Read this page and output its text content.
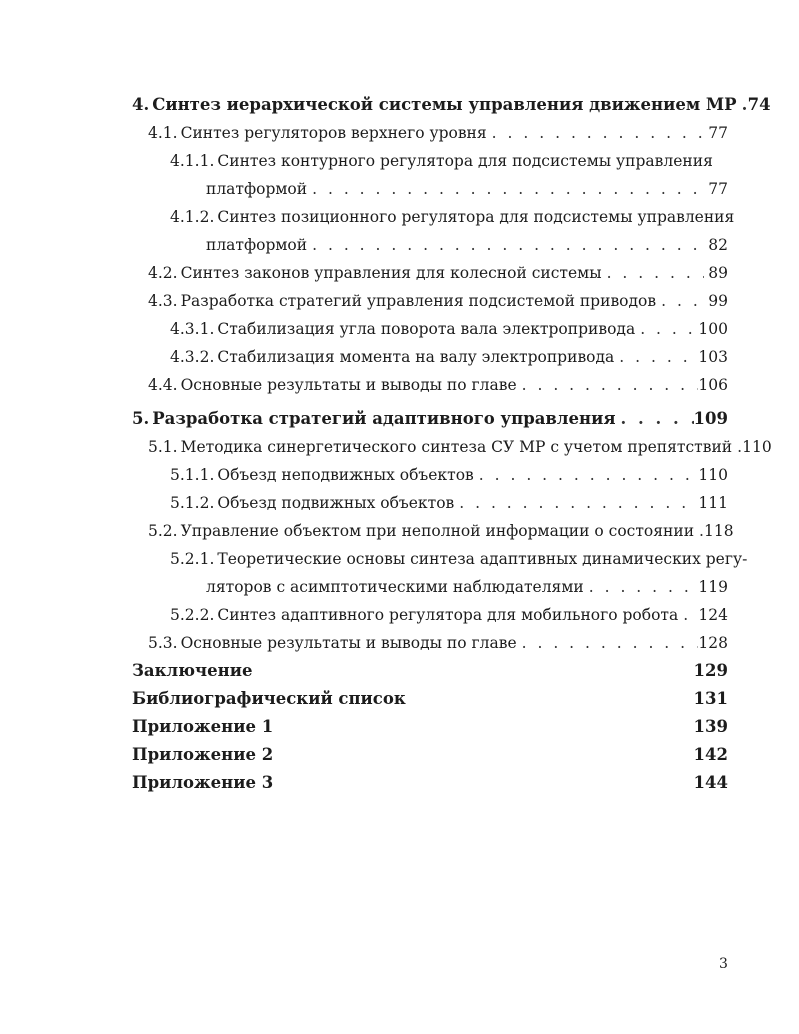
4. Синтез иерархической системы управления движением МР . . . 74
4.1. Синтез регуляторов верхнего уровня . . .	77
4.1.1. Синтез контурного регулятора для подсистемы управления
платформой . . .	77
4.1.2. Синтез позиционного регулятора для подсистемы управления
платформой . . .	82
4.2. Синтез законов управления для колесной системы . . .	89
4.3. Разработка стратегий управления подсистемой приводов . . .	99
4.3.1. Стабилизация угла поворота вала электропривода . . .	100
4.3.2. Стабилизация момента на валу электропривода . . .	103
4.4. Основные результаты и выводы по главе . . .	106
5. Разработка стратегий адаптивного управления . . .	109
5.1. Методика синергетического синтеза СУ МР с учетом препятствий . . . 110
5.1.1. Объезд неподвижных объектов . . .	110
5.1.2. Объезд подвижных объектов . . .	111
5.2. Управление объектом при неполной информации о состоянии . . . 118
5.2.1. Теоретические основы синтеза адаптивных динамических регу-
ляторов с асимптотическими наблюдателями . . .	119
5.2.2. Синтез адаптивного регулятора для мобильного робота . . . 124
5.3. Основные результаты и выводы по главе . . .	128
Заключение	129
Библиографический список	131
Приложение 1	139
Приложение 2	142
Приложение 3	144
3
